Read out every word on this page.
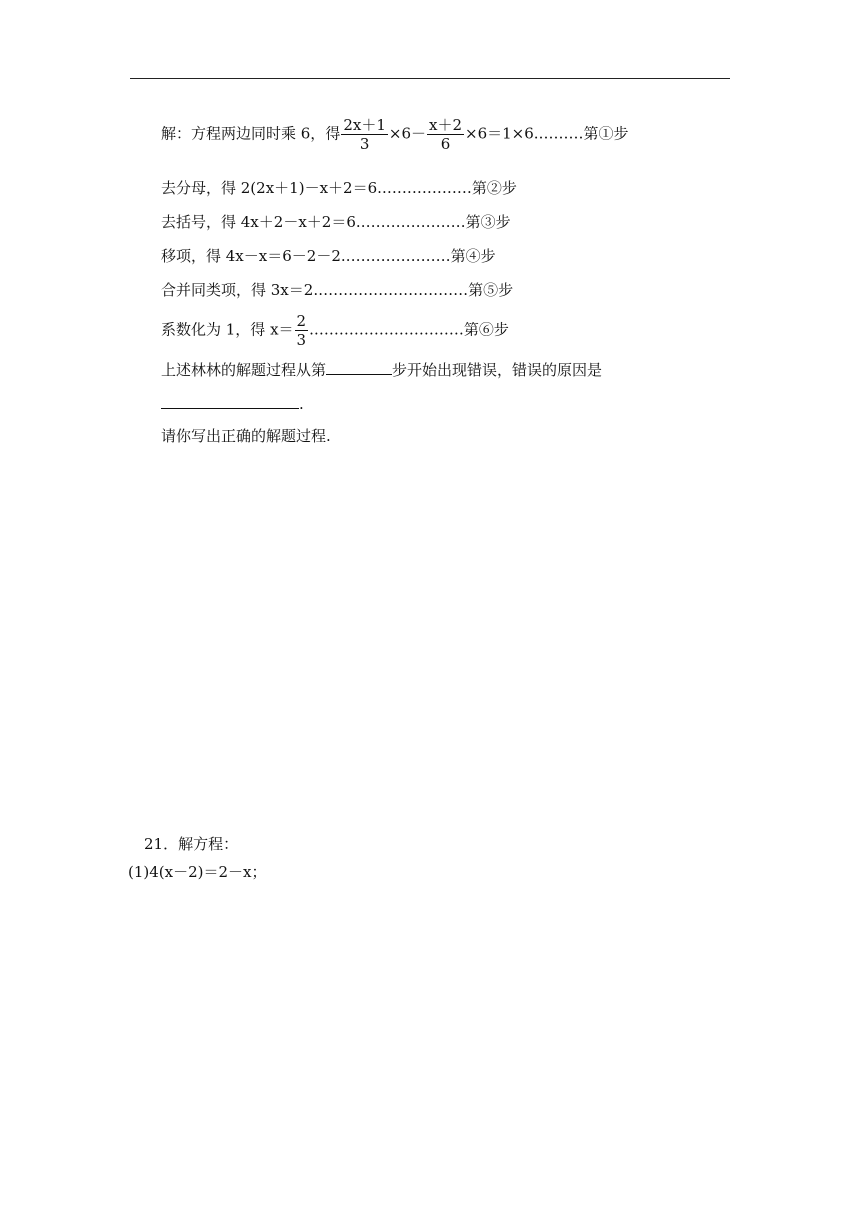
解：方程两边同时乘 6，得 $\frac{2x+1}{3} \times 6- \frac{x+2}{6}$ ×6＝1×6.………第①步
去分母，得 2(2x＋1)－x＋2＝6.………………第②步
去括号，得 4x＋2－x＋2＝6.…………………第③步
移项，得 4x－x＝6－2－2.…………………第④步
合并同类项，得 3x＝2.…………………………第⑤步
系数化为 1，得 $x= \frac{2}{3}$ .…………………………第⑥步
上述林林的解题过程从第	步开始出现错误，错误的原因是
.
请你写出正确的解题过程.
21．解方程：
(1)4(x－2)＝2－x；
